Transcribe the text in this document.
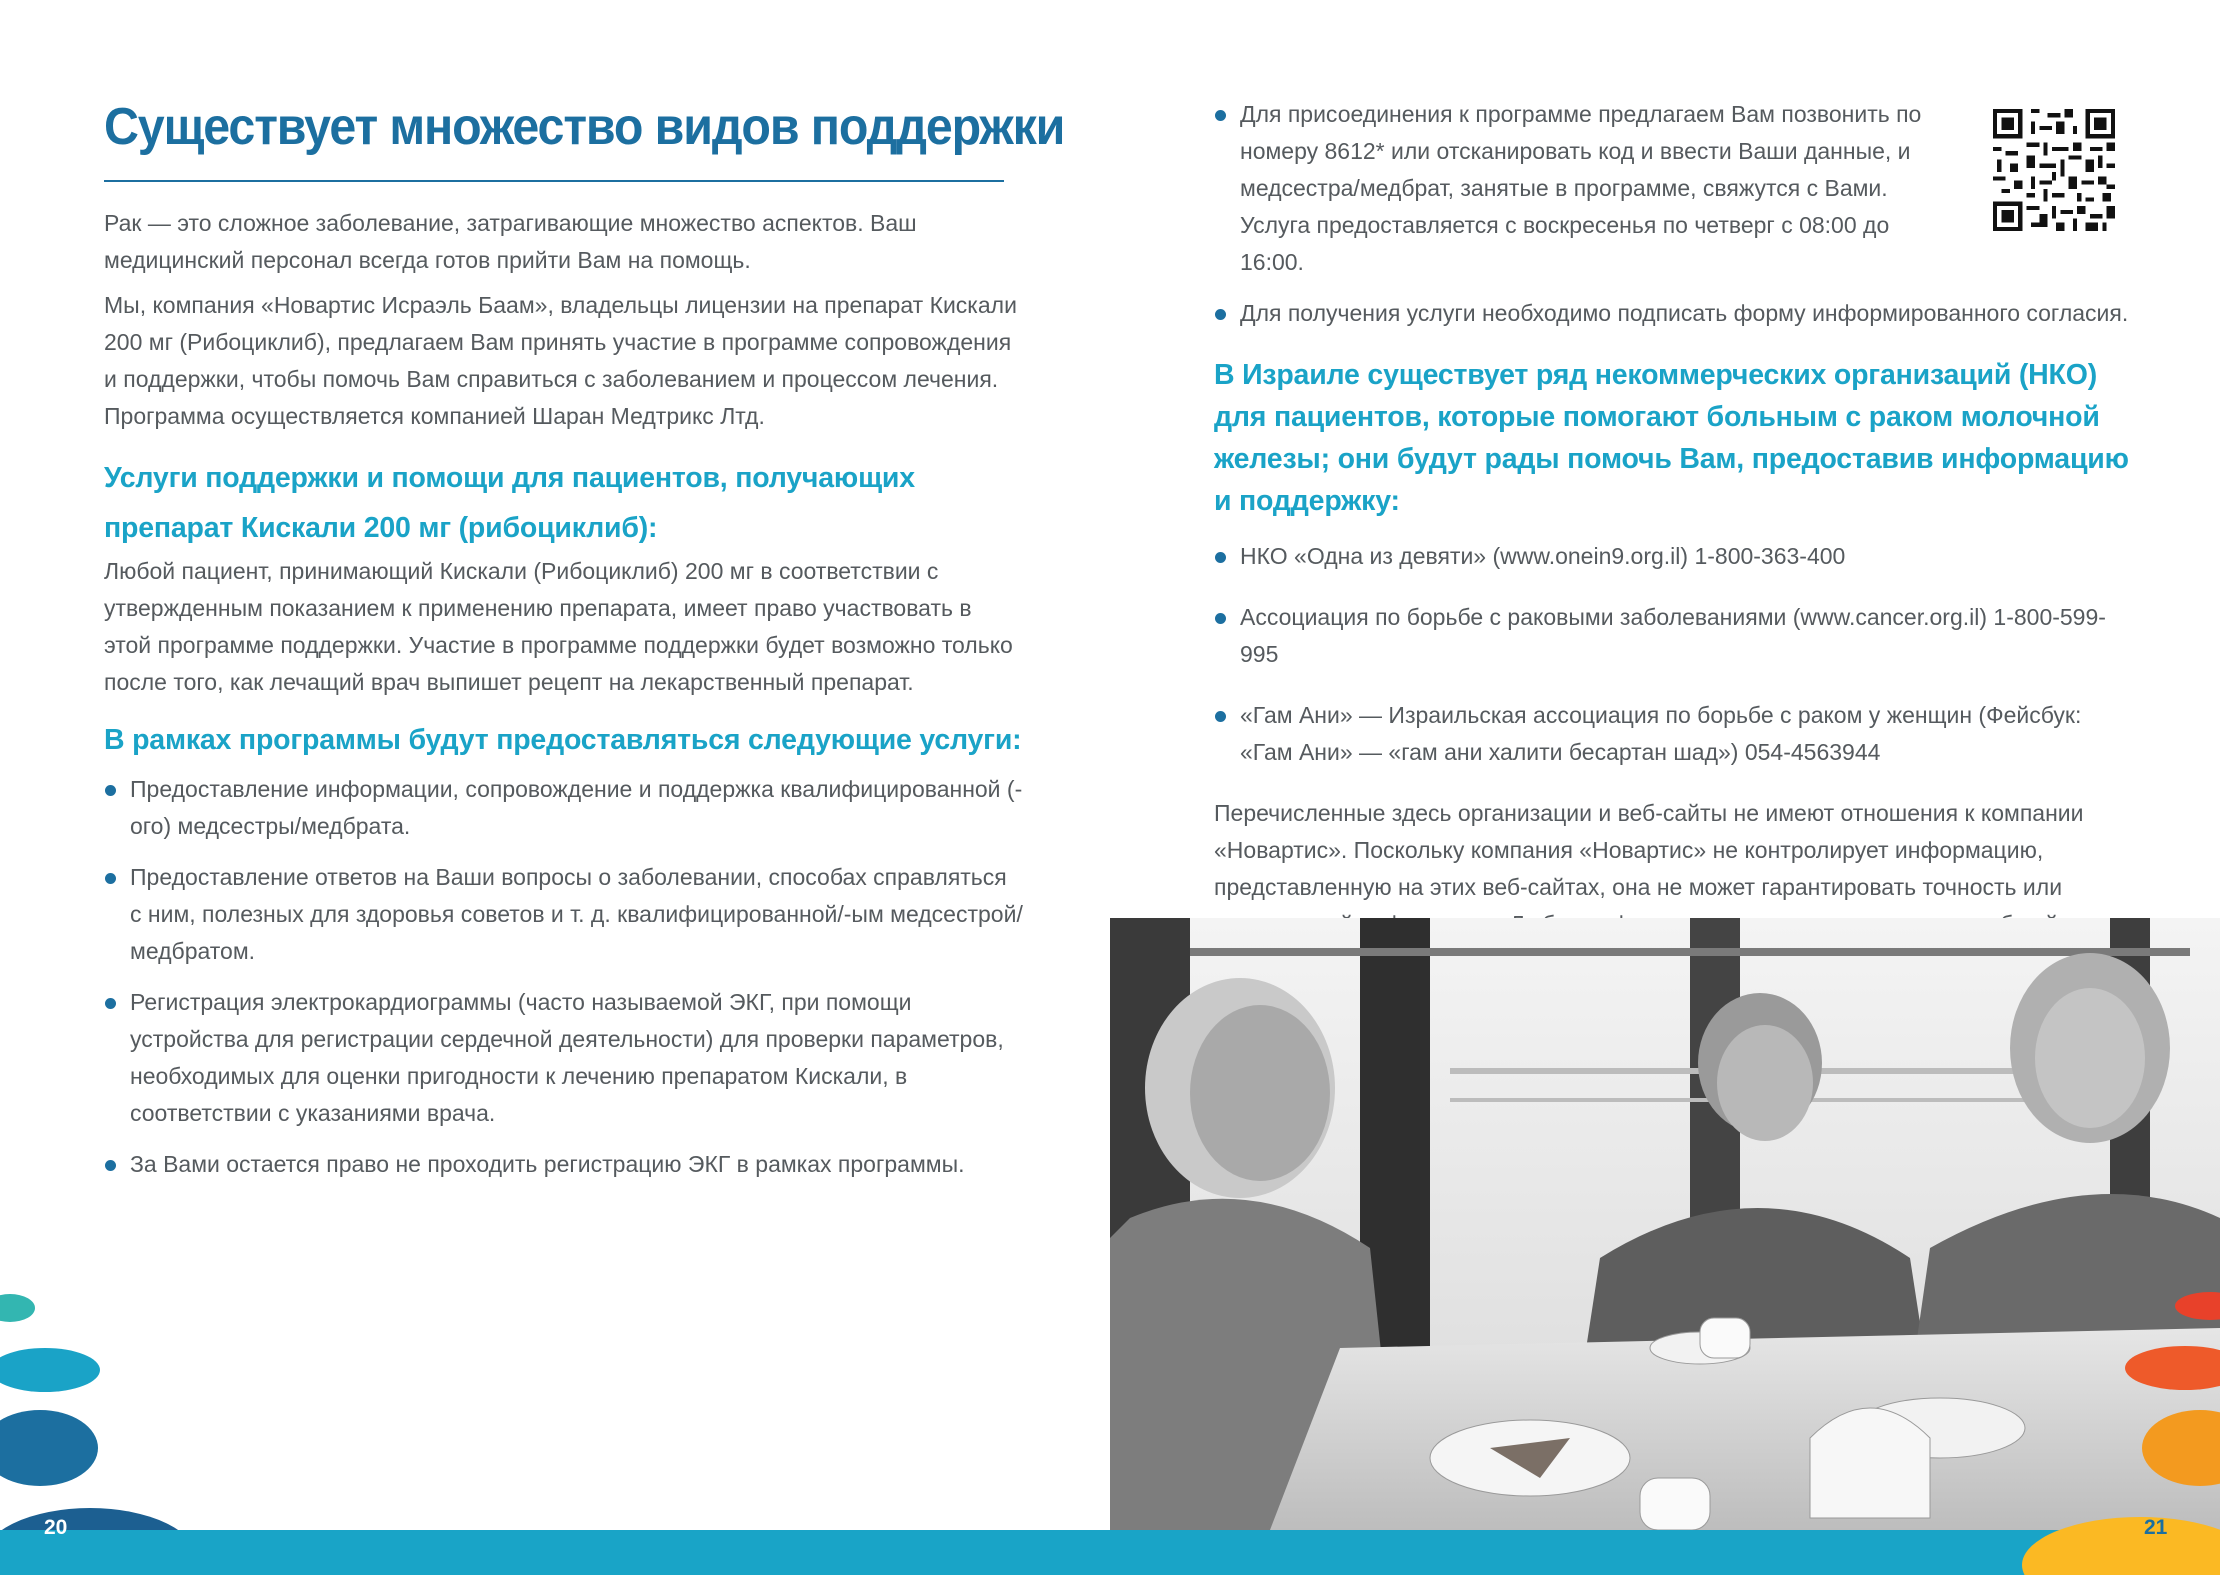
Существует множество видов поддержки

Рак — это сложное заболевание, затрагивающие множество аспектов. Ваш медицинский персонал всегда готов прийти Вам на помощь.

Мы, компания «Новартис Исраэль Баам», владельцы лицензии на препарат Кискали 200 мг (Рибоциклиб), предлагаем Вам принять участие в программе сопровождения и поддержки, чтобы помочь Вам справиться с заболеванием и процессом лечения. Программа осуществляется компанией Шаран Медтрикс Лтд.

Услуги поддержки и помощи для пациентов, получающих препарат Кискали 200 мг (рибоциклиб):

Любой пациент, принимающий Кискали (Рибоциклиб) 200 мг в соответствии с утвержденным показанием к применению препарата, имеет право участвовать в этой программе поддержки. Участие в программе поддержки будет возможно только после того, как лечащий врач выпишет рецепт на лекарственный препарат.

В рамках программы будут предоставляться следующие услуги:
Предоставление информации, сопровождение и поддержка квалифицированной (-ого) медсестры/медбрата.
Предоставление ответов на Ваши вопросы о заболевании, способах справляться с ним, полезных для здоровья советов и т. д. квалифицированной/-ым медсестрой/медбратом.
Регистрация электрокардиограммы (часто называемой ЭКГ, при помощи устройства для регистрации сердечной деятельности) для проверки параметров, необходимых для оценки пригодности к лечению препаратом Кискали, в соответствии с указаниями врача.
За Вами остается право не проходить регистрацию ЭКГ в рамках программы.
Для присоединения к программе предлагаем Вам позвонить по номеру 8612* или отсканировать код и ввести Ваши данные, и медсестра/медбрат, занятые в программе, свяжутся с Вами. Услуга предоставляется с воскресенья по четверг с 08:00 до 16:00.
Для получения услуги необходимо подписать форму информированного согласия.
В Израиле существует ряд некоммерческих организаций (НКО) для пациентов, которые помогают больным с раком молочной железы; они будут рады помочь Вам, предоставив информацию и поддержку:
НКО «Одна из девяти» (www.onein9.org.il) 1-800-363-400
Ассоциация по борьбе с раковыми заболеваниями (www.cancer.org.il) 1-800-599-995
«Гам Ани» — Израильская ассоциация по борьбе с раком у женщин (Фейсбук: «Гам Ани» — «гам ани халити бесартан шад») 054-4563944

Перечисленные здесь организации и веб-сайты не имеют отношения к компании «Новартис». Поскольку компания «Новартис» не контролирует информацию, представленную на этих веб-сайтах, она не может гарантировать точность или

20	21
